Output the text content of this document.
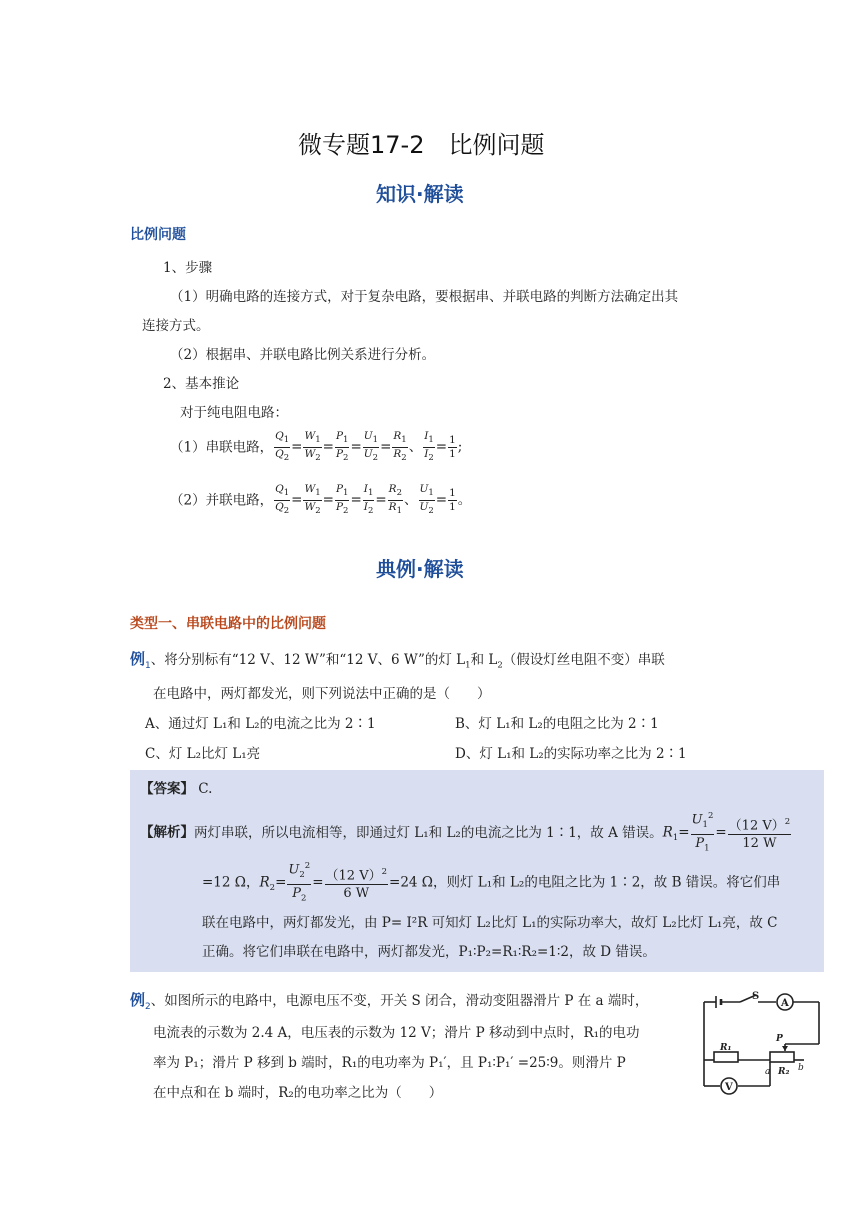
微专题17-2　比例问题
知识·解读
比例问题
1、步骤
（1）明确电路的连接方式，对于复杂电路，要根据串、并联电路的判断方法确定出其
连接方式。
（2）根据串、并联电路比例关系进行分析。
2、基本推论
对于纯电阻电路：
（1）串联电路， $\frac{Q_1}{Q_2} = \frac{W_1}{W_2} = \frac{P_1}{P_2} = \frac{U_1}{U_2} = \frac{R_1}{R_2}$ 、 $\frac{I_1}{I_2} = \frac{1}{1}$ ;
（2）并联电路， $\frac{Q_1}{Q_2} = \frac{W_1}{W_2} = \frac{P_1}{P_2} = \frac{I_1}{I_2} = \frac{R_2}{R_1}$ 、 $\frac{U_1}{U_2} = \frac{1}{1}$ 。
典例·解读
类型一、串联电路中的比例问题
例$_1$、将分别标有“12 V、12 W”和“12 V、6 W”的灯 $L_1$和 $L_2$（假设灯丝电阻不变）串联
在电路中，两灯都发光，则下列说法中正确的是（　　）
A、通过灯 L₁和 L₂的电流之比为 2∶1	B、灯 L₁和 L₂的电阻之比为 2∶1
C、灯 L₂比灯 L₁亮	D、灯 L₁和 L₂的实际功率之比为 2∶1
【答案】 C.
【解析】两灯串联，所以电流相等，即通过灯 L₁和 L₂的电流之比为 1∶1，故 A 错误。$R_1= \frac{U_1^2}{P_1} = \frac{(12 V)^2}{12 W}$
=12 Ω，$R_2= \frac{U_2^2}{P_2} = \frac{(12 V)^2}{6 W} =24$ Ω，则灯 L₁和 L₂的电阻之比为 1∶2，故 B 错误。将它们串
联在电路中，两灯都发光，由 P= I²R 可知灯 L₂比灯 L₁的实际功率大，故灯 L₂比灯 L₁亮，故 C
正确。将它们串联在电路中，两灯都发光，P₁∶P₂=R₁∶R₂=1∶2，故 D 错误。
例$_2$、如图所示的电路中，电源电压不变，开关 S 闭合，滑动变阻器滑片 P 在 a 端时，
电流表的示数为 2.4 A，电压表的示数为 12 V；滑片 P 移动到中点时，R₁的电功
率为 P₁；滑片 P 移到 b 端时，R₁的电功率为 P₁′，且 P₁∶P₁′ =25∶9。则滑片 P
在中点和在 b 端时，R₂的电功率之比为（　　）
S
A
V
R₁
R₂
P
a	b
